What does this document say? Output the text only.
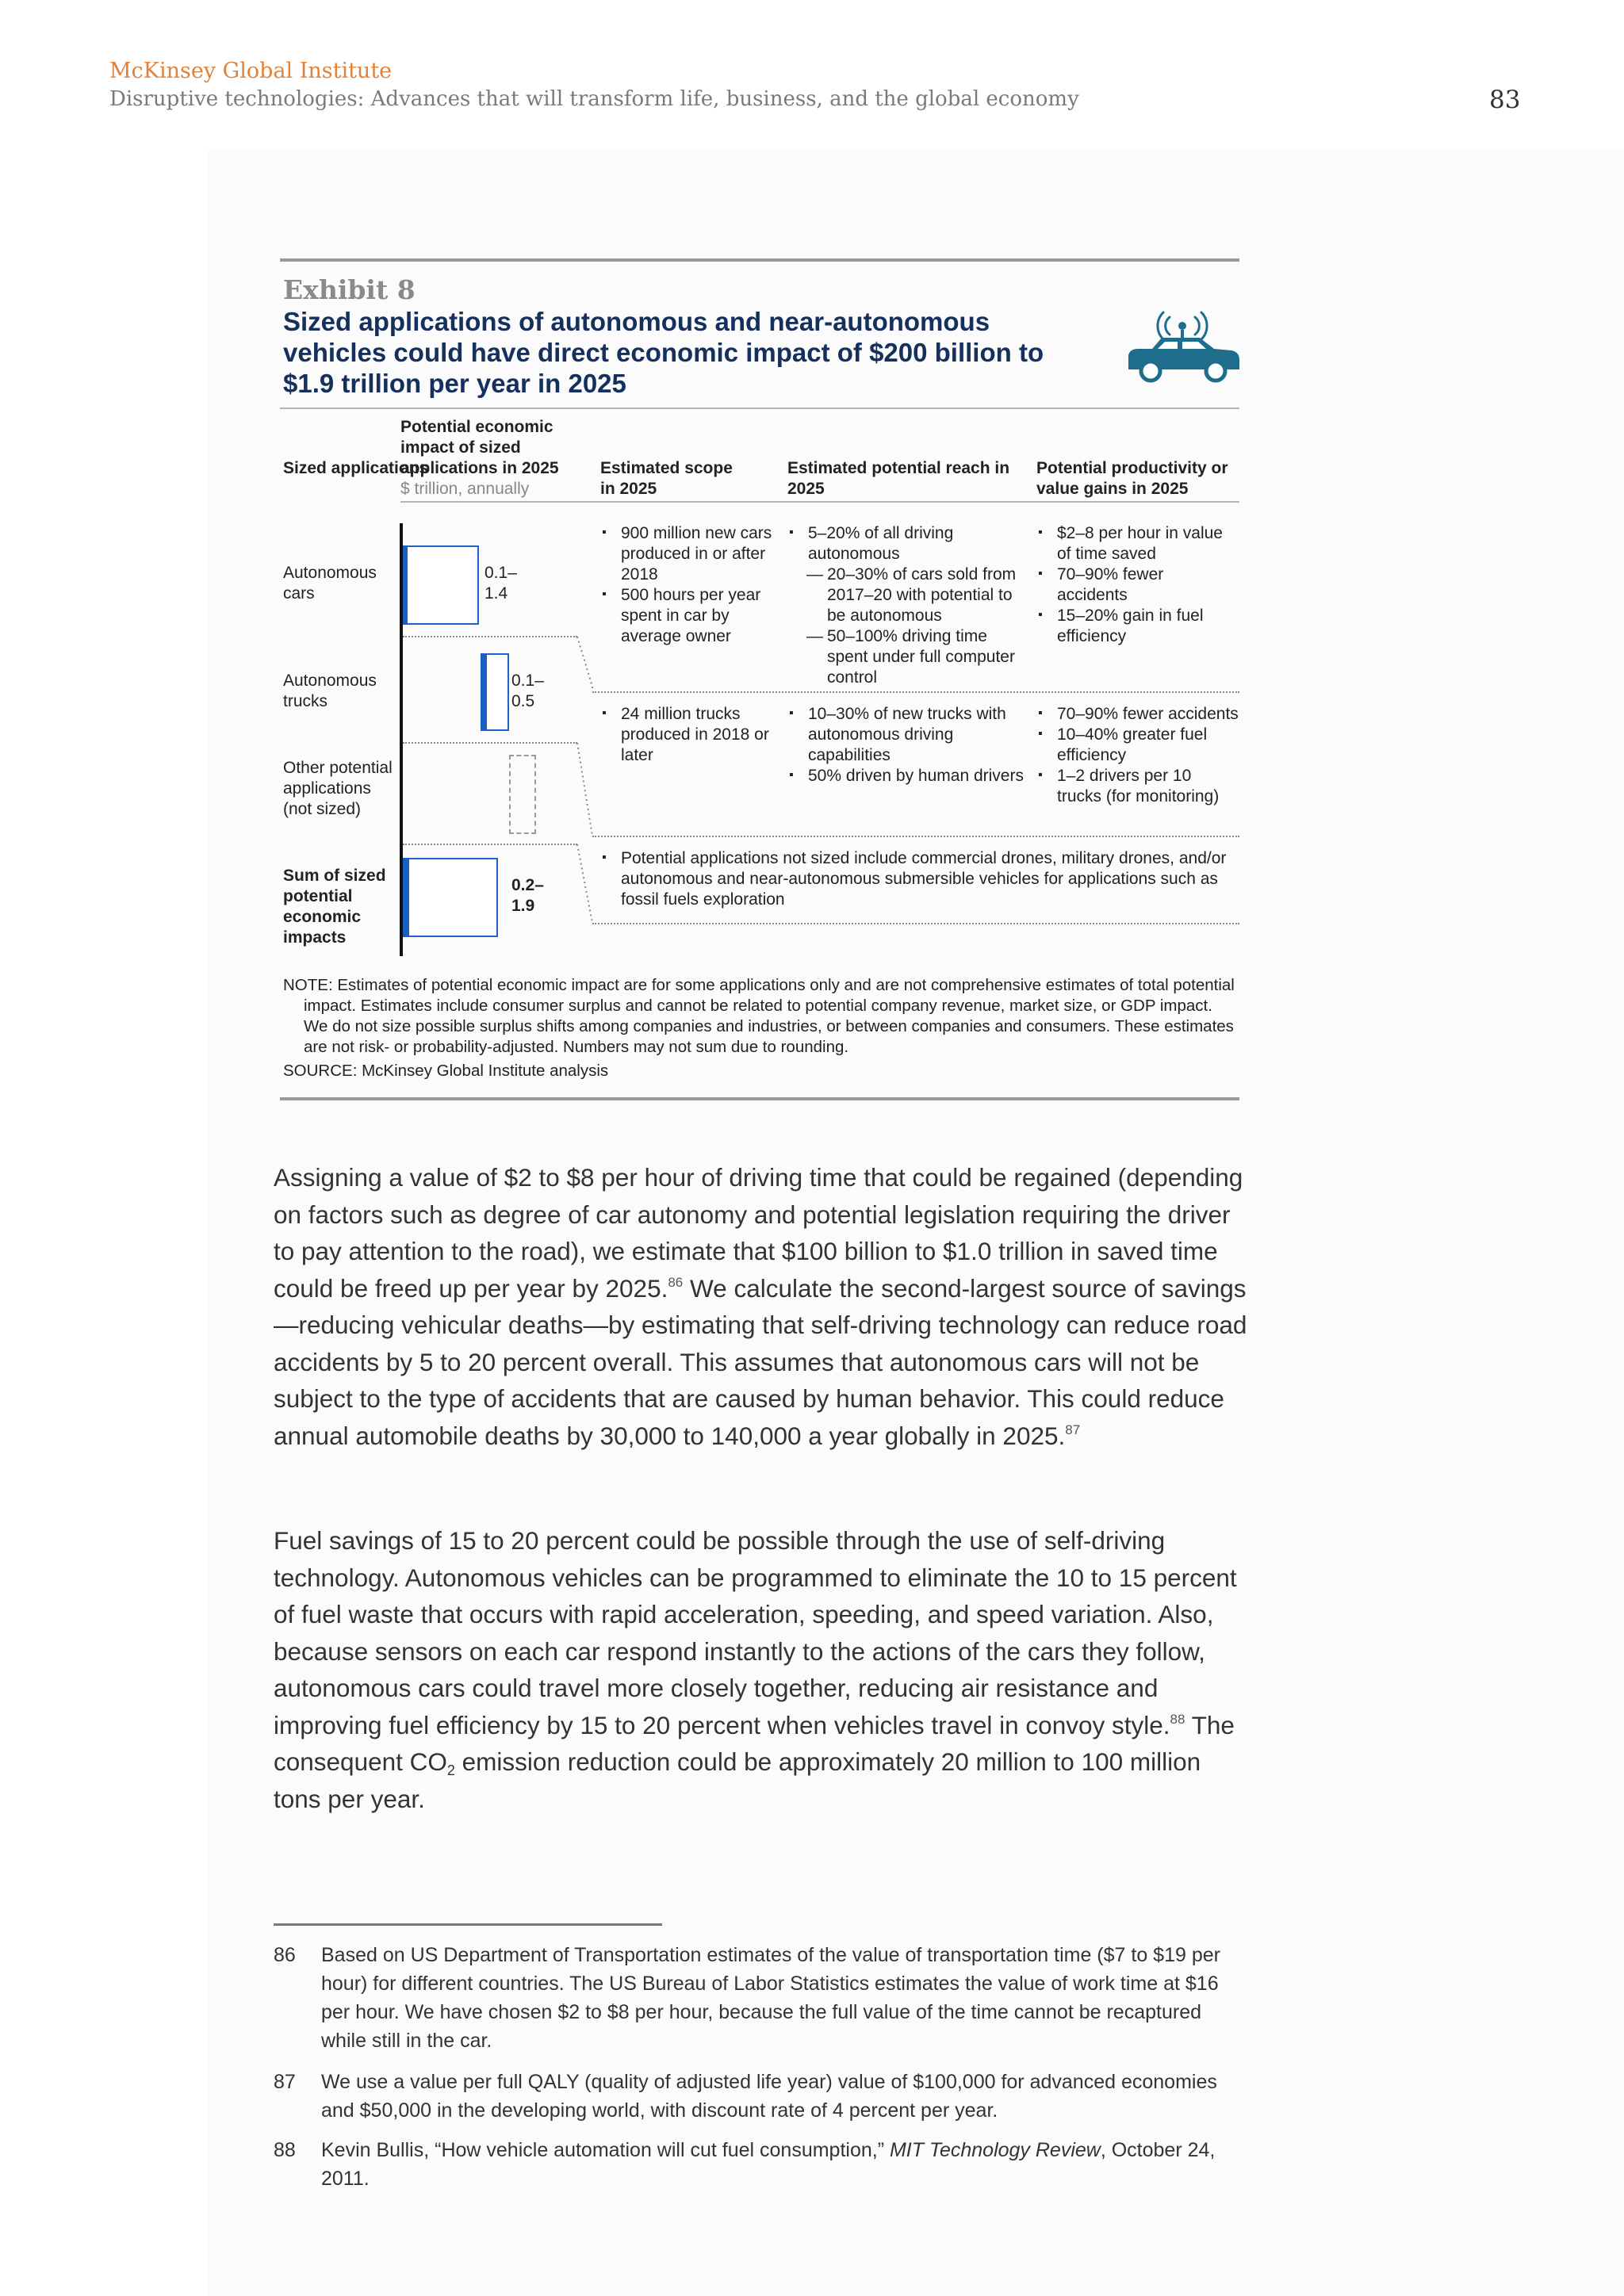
McKinsey Global Institute
Disruptive technologies: Advances that will transform life, business, and the global economy	83
Exhibit 8
Sized applications of autonomous and near-autonomous vehicles could have direct economic impact of $200 billion to $1.9 trillion per year in 2025
Sized applications
Potential economic impact of sized applications in 2025
$ trillion, annually
Estimated scope in 2025
Estimated potential reach in 2025
Potential productivity or value gains in 2025
Autonomous cars
Autonomous trucks
Other potential applications (not sized)
Sum of sized potential economic impacts
0.1–
1.4
0.1–
0.5
0.2–
1.9
▪ 900 million new cars produced in or after 2018
▪ 500 hours per year spent in car by average owner
▪ 5–20% of all driving autonomous
— 20–30% of cars sold from 2017–20 with potential to be autonomous
— 50–100% driving time spent under full computer control
▪ $2–8 per hour in value of time saved
▪ 70–90% fewer accidents
▪ 15–20% gain in fuel efficiency
▪ 24 million trucks produced in 2018 or later
▪ 10–30% of new trucks with autonomous driving capabilities
▪ 50% driven by human drivers
▪ 70–90% fewer accidents
▪ 10–40% greater fuel efficiency
▪ 1–2 drivers per 10 trucks (for monitoring)
▪ Potential applications not sized include commercial drones, military drones, and/or autonomous and near-autonomous submersible vehicles for applications such as fossil fuels exploration
NOTE: Estimates of potential economic impact are for some applications only and are not comprehensive estimates of total potential impact. Estimates include consumer surplus and cannot be related to potential company revenue, market size, or GDP impact. We do not size possible surplus shifts among companies and industries, or between companies and consumers. These estimates are not risk- or probability-adjusted. Numbers may not sum due to rounding.
SOURCE: McKinsey Global Institute analysis

Assigning a value of $2 to $8 per hour of driving time that could be regained (depending on factors such as degree of car autonomy and potential legislation requiring the driver to pay attention to the road), we estimate that $100 billion to $1.0 trillion in saved time could be freed up per year by 2025.86 We calculate the second-largest source of savings—reducing vehicular deaths—by estimating that self-driving technology can reduce road accidents by 5 to 20 percent overall. This assumes that autonomous cars will not be subject to the type of accidents that are caused by human behavior. This could reduce annual automobile deaths by 30,000 to 140,000 a year globally in 2025.87

Fuel savings of 15 to 20 percent could be possible through the use of self-driving technology. Autonomous vehicles can be programmed to eliminate the 10 to 15 percent of fuel waste that occurs with rapid acceleration, speeding, and speed variation. Also, because sensors on each car respond instantly to the actions of the cars they follow, autonomous cars could travel more closely together, reducing air resistance and improving fuel efficiency by 15 to 20 percent when vehicles travel in convoy style.$^{88}$ The consequent $CO_2$ emission reduction could be approximately 20 million to 100 million tons per year.

86 Based on US Department of Transportation estimates of the value of transportation time ($7 to $19 per hour) for different countries. The US Bureau of Labor Statistics estimates the value of work time at $16 per hour. We have chosen $2 to $8 per hour, because the full value of the time cannot be recaptured while still in the car.
87 We use a value per full QALY (quality of adjusted life year) value of $100,000 for advanced economies and $50,000 in the developing world, with discount rate of 4 percent per year.
88 Kevin Bullis, “How vehicle automation will cut fuel consumption,” MIT Technology Review, October 24, 2011.
